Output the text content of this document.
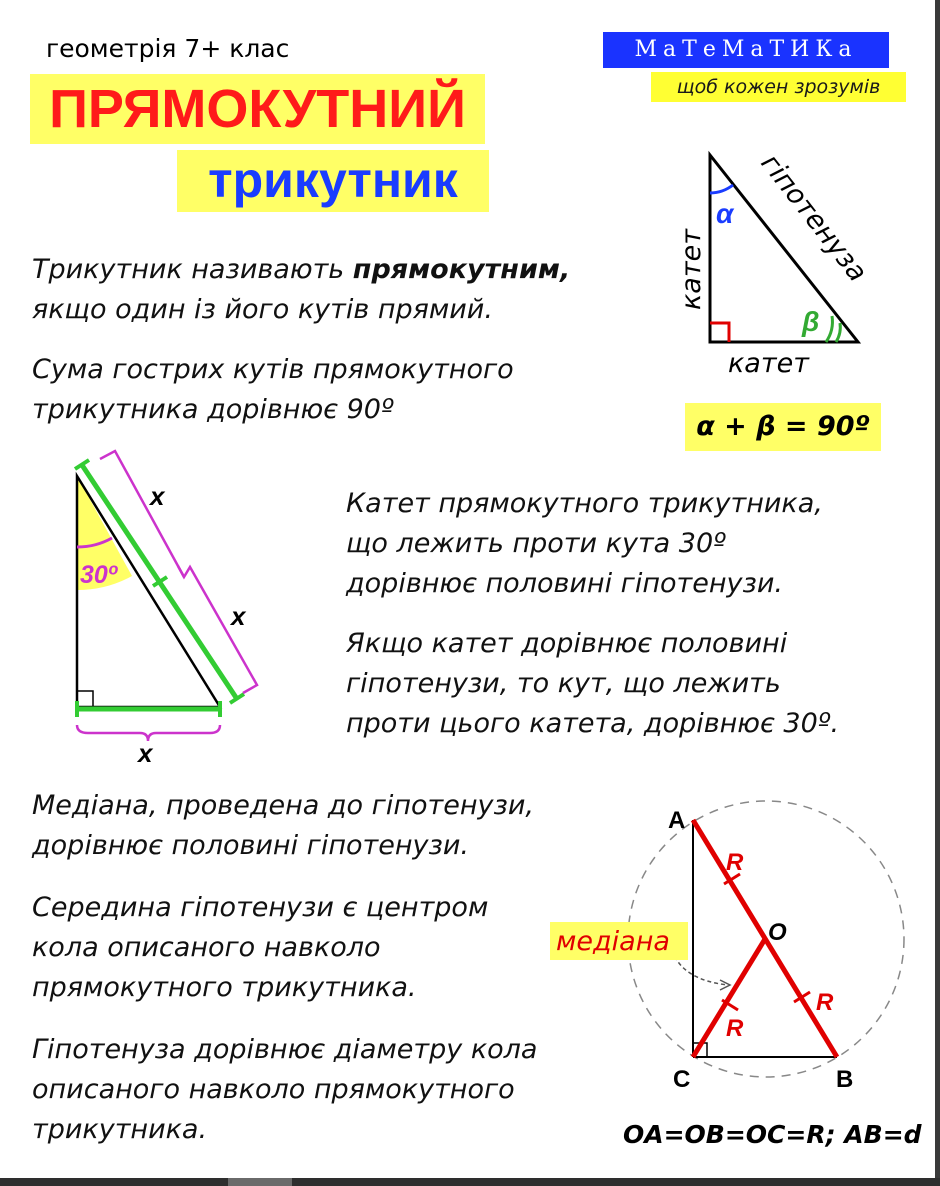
геометрія 7+ клас
ПРЯМОКУТНИЙ
трикутник
МаТеМаТИКа
щоб кожен зрозумів
Трикутник називають прямокутним,
якщо один із його кутів прямий.
Сума гострих кутів прямокутного
трикутника дорівнює 90º
α + β = 90º
α
β
катет
катет
гіпотенуза
30º
x
x
x
Катет прямокутного трикутника,
що лежить проти кута 30º
дорівнює половині гіпотенузи.
Якщо катет дорівнює половині
гіпотенузи, то кут, що лежить
проти цього катета, дорівнює 30º.
Медіана, проведена до гіпотенузи,
дорівнює половині гіпотенузи.
Середина гіпотенузи є центром
кола описаного навколо
прямокутного трикутника.
Гіпотенуза дорівнює діаметру кола
описаного навколо прямокутного
трикутника.
медіана
A
C	B
O
R
R
R
OA=OB=OC=R; AB=d
